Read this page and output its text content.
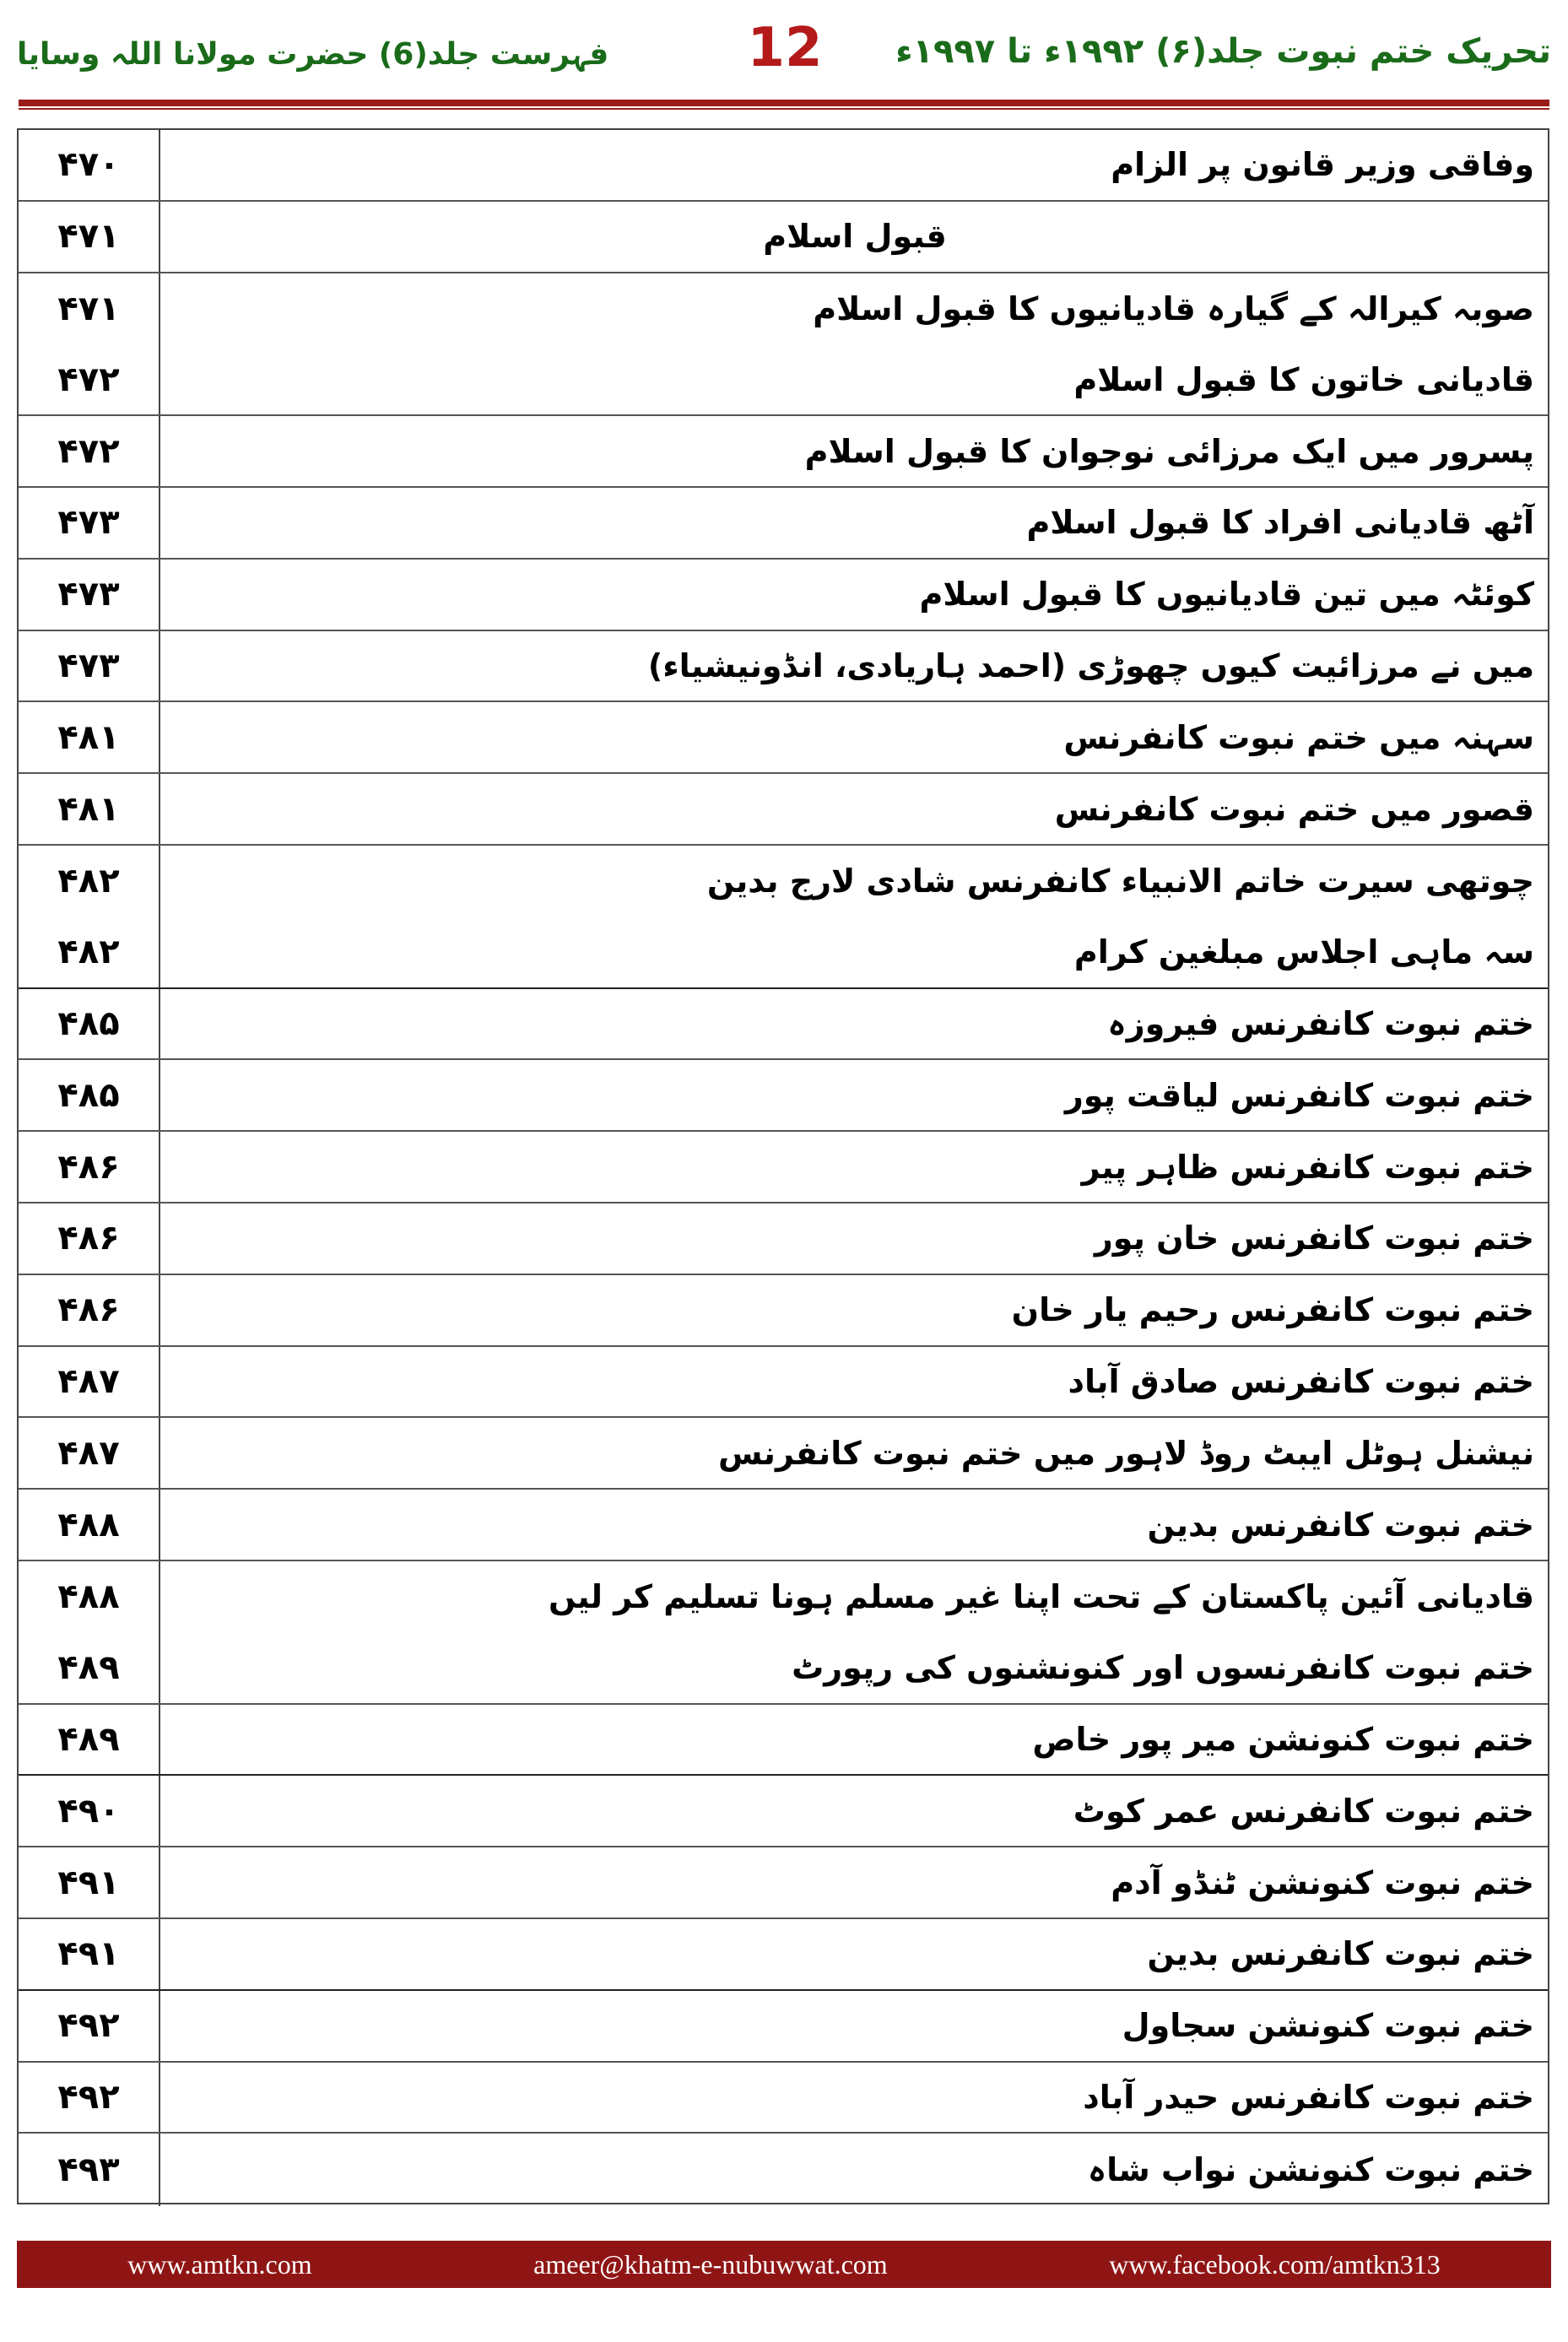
تحریک ختم نبوت جلد(۶) ۱۹۹۲ء تا ۱۹۹۷ء
12
فہرست جلد(6) حضرت مولانا اللہ وسایا
۴۷۰	وفاقی وزیر قانون پر الزام
۴۷۱	قبول اسلام
۴۷۱	صوبہ کیرالہ کے گیارہ قادیانیوں کا قبول اسلام
۴۷۲	قادیانی خاتون کا قبول اسلام
۴۷۲	پسرور میں ایک مرزائی نوجوان کا قبول اسلام
۴۷۳	آٹھ قادیانی افراد کا قبول اسلام
۴۷۳	کوئٹہ میں تین قادیانیوں کا قبول اسلام
۴۷۳	میں نے مرزائیت کیوں چھوڑی (احمد ہاریادی، انڈونیشیاء)
۴۸۱	سہنہ میں ختم نبوت کانفرنس
۴۸۱	قصور میں ختم نبوت کانفرنس
۴۸۲	چوتھی سیرت خاتم الانبیاء کانفرنس شادی لارج بدین
۴۸۲	سہ ماہی اجلاس مبلغین کرام
۴۸۵	ختم نبوت کانفرنس فیروزہ
۴۸۵	ختم نبوت کانفرنس لیاقت پور
۴۸۶	ختم نبوت کانفرنس ظاہر پیر
۴۸۶	ختم نبوت کانفرنس خان پور
۴۸۶	ختم نبوت کانفرنس رحیم یار خان
۴۸۷	ختم نبوت کانفرنس صادق آباد
۴۸۷	نیشنل ہوٹل ایبٹ روڈ لاہور میں ختم نبوت کانفرنس
۴۸۸	ختم نبوت کانفرنس بدین
۴۸۸	قادیانی آئین پاکستان کے تحت اپنا غیر مسلم ہونا تسلیم کر لیں
۴۸۹	ختم نبوت کانفرنسوں اور کنونشنوں کی رپورٹ
۴۸۹	ختم نبوت کنونشن میر پور خاص
۴۹۰	ختم نبوت کانفرنس عمر کوٹ
۴۹۱	ختم نبوت کنونشن ٹنڈو آدم
۴۹۱	ختم نبوت کانفرنس بدین
۴۹۲	ختم نبوت کنونشن سجاول
۴۹۲	ختم نبوت کانفرنس حیدر آباد
۴۹۳	ختم نبوت کنونشن نواب شاہ
www.amtkn.com	ameer@khatm-e-nubuwwat.com	www.facebook.com/amtkn313
